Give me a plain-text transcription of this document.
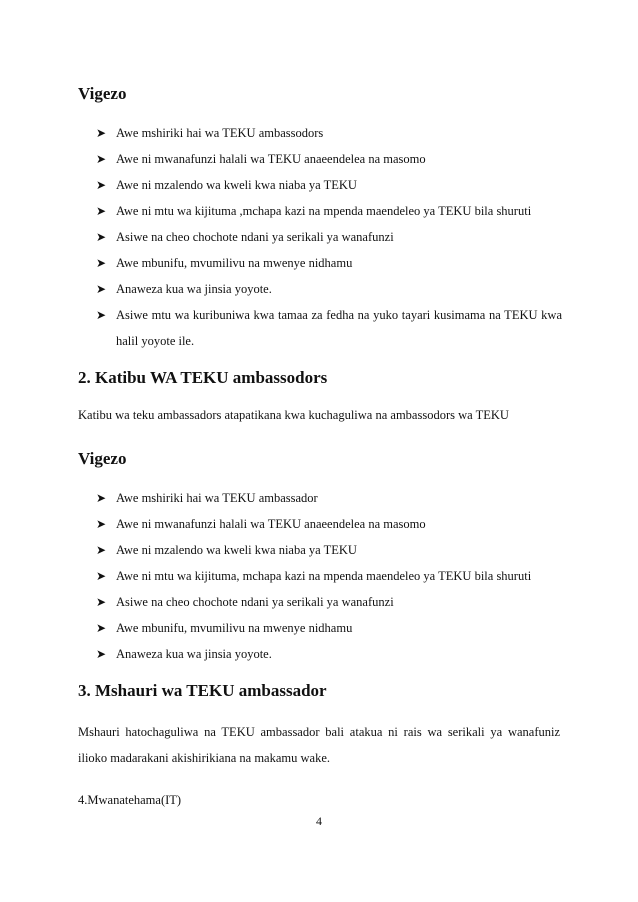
Vigezo
➤ Awe mshiriki hai wa TEKU ambassodors
➤ Awe ni mwanafunzi halali wa TEKU anaeendelea na masomo
➤ Awe ni mzalendo wa kweli kwa niaba ya TEKU
➤ Awe ni mtu wa kijituma ,mchapa kazi na mpenda maendeleo ya TEKU bila shuruti
➤ Asiwe na cheo chochote ndani ya serikali ya wanafunzi
➤ Awe mbunifu, mvumilivu na mwenye nidhamu
➤ Anaweza kua wa jinsia yoyote.
➤ Asiwe mtu wa kuribuniwa kwa tamaa za fedha na yuko tayari kusimama na TEKU kwa halil yoyote ile.
2. Katibu WA TEKU ambassodors
Katibu wa teku ambassadors atapatikana kwa kuchaguliwa na ambassodors wa TEKU
Vigezo
➤ Awe mshiriki hai wa TEKU ambassador
➤ Awe ni mwanafunzi halali wa TEKU anaeendelea na masomo
➤ Awe ni mzalendo wa kweli kwa niaba ya TEKU
➤ Awe ni mtu wa kijituma, mchapa kazi na mpenda maendeleo ya TEKU bila shuruti
➤ Asiwe na cheo chochote ndani ya serikali ya wanafunzi
➤ Awe mbunifu, mvumilivu na mwenye nidhamu
➤ Anaweza kua wa jinsia yoyote.
3. Mshauri wa TEKU ambassador
Mshauri hatochaguliwa na TEKU ambassador bali atakua ni rais wa serikali ya wanafuniz ilioko madarakani akishirikiana na makamu wake.
4.Mwanatehama(IT)
4
